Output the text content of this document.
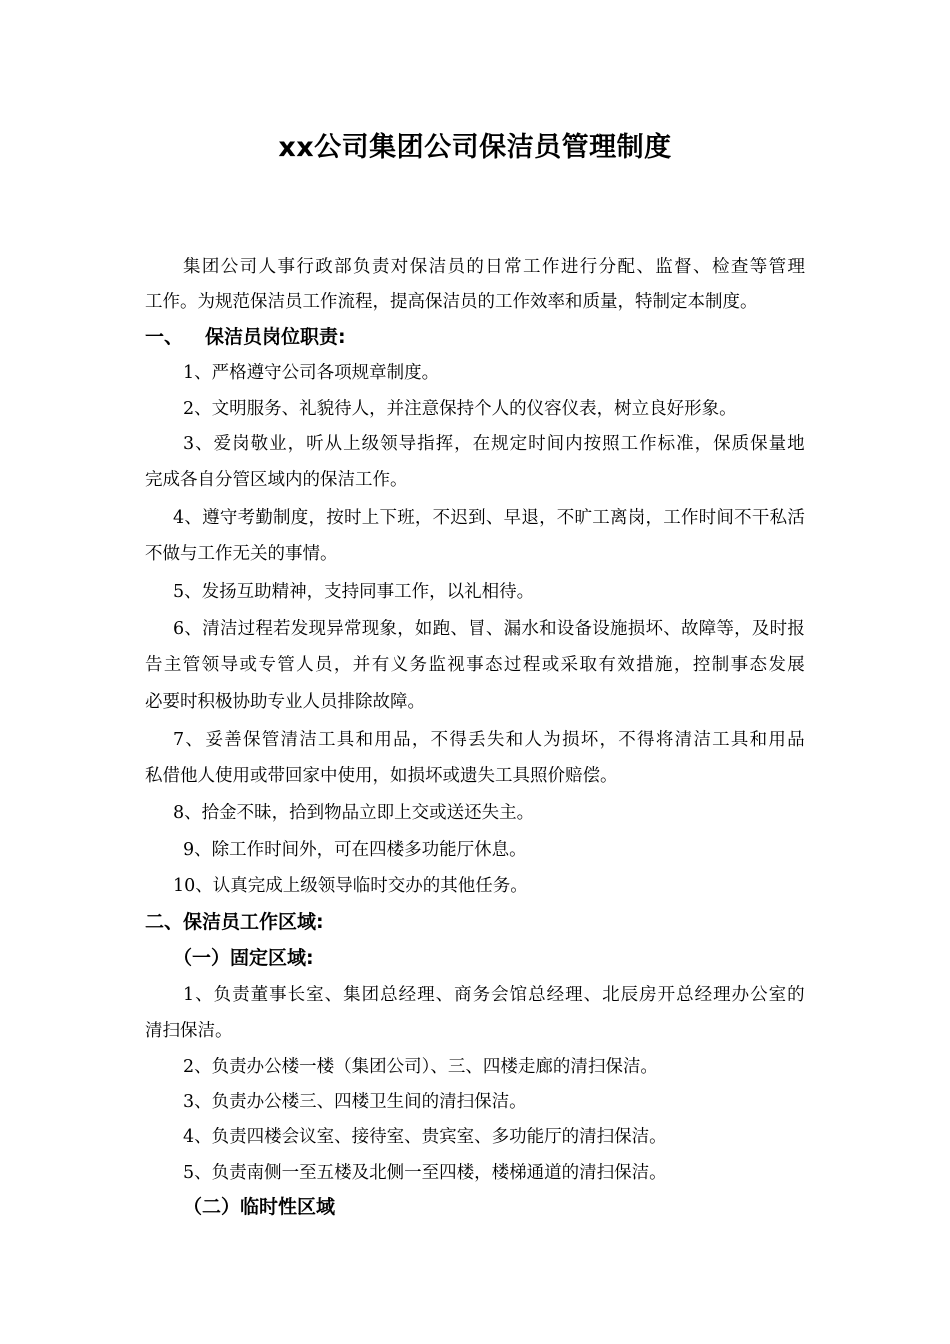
xx公司集团公司保洁员管理制度
集 团 公 司 人 事 行 政 部 负 责 对 保 洁 员 的 日 常 工 作 进 行 分 配 、 监 督 、 检 查 等 管 理
工作。为规范保洁员工作流程，提高保洁员的工作效率和质量，特制定本制度。
一、 保洁员岗位职责:
1、严格遵守公司各项规章制度。
2、文明服务、礼貌待人，并注意保持个人的仪容仪表，树立良好形象。
3 、 爱 岗 敬 业 ， 听 从 上 级 领 导 指 挥 ， 在 规 定 时 间 内 按 照 工 作 标 准 ， 保 质 保 量 地
完成各自分管区域内的保洁工作。
4 、 遵 守 考 勤 制 度 ， 按 时 上 下 班 ， 不 迟 到 、 早 退 ， 不 旷 工 离 岗 ， 工 作 时 间 不 干 私 活
不做与工作无关的事情。
5、发扬互助精神，支持同事工作，以礼相待。
6 、 清 洁 过 程 若 发 现 异 常 现 象 ， 如 跑 、 冒 、 漏 水 和 设 备 设 施 损 坏 、 故 障 等 ， 及 时 报
告 主 管 领 导 或 专 管 人 员 ， 并 有 义 务 监 视 事 态 过 程 或 采 取 有 效 措 施 ， 控 制 事 态 发 展
必要时积极协助专业人员排除故障。
7 、 妥 善 保 管 清 洁 工 具 和 用 品 ， 不 得 丢 失 和 人 为 损 坏 ， 不 得 将 清 洁 工 具 和 用 品
私借他人使用或带回家中使用，如损坏或遗失工具照价赔偿。
8、拾金不昧，拾到物品立即上交或送还失主。
9、除工作时间外，可在四楼多功能厅休息。
10、认真完成上级领导临时交办的其他任务。
二、保洁员工作区域:
（一）固定区域:
1 、 负 责 董 事 长 室 、 集 团 总 经 理 、 商 务 会 馆 总 经 理 、 北 辰 房 开 总 经 理 办 公 室 的
清扫保洁。
2、负责办公楼一楼（集团公司）、三、四楼走廊的清扫保洁。
3、负责办公楼三、四楼卫生间的清扫保洁。
4、负责四楼会议室、接待室、贵宾室、多功能厅的清扫保洁。
5、负责南侧一至五楼及北侧一至四楼，楼梯通道的清扫保洁。
（二）临时性区域
